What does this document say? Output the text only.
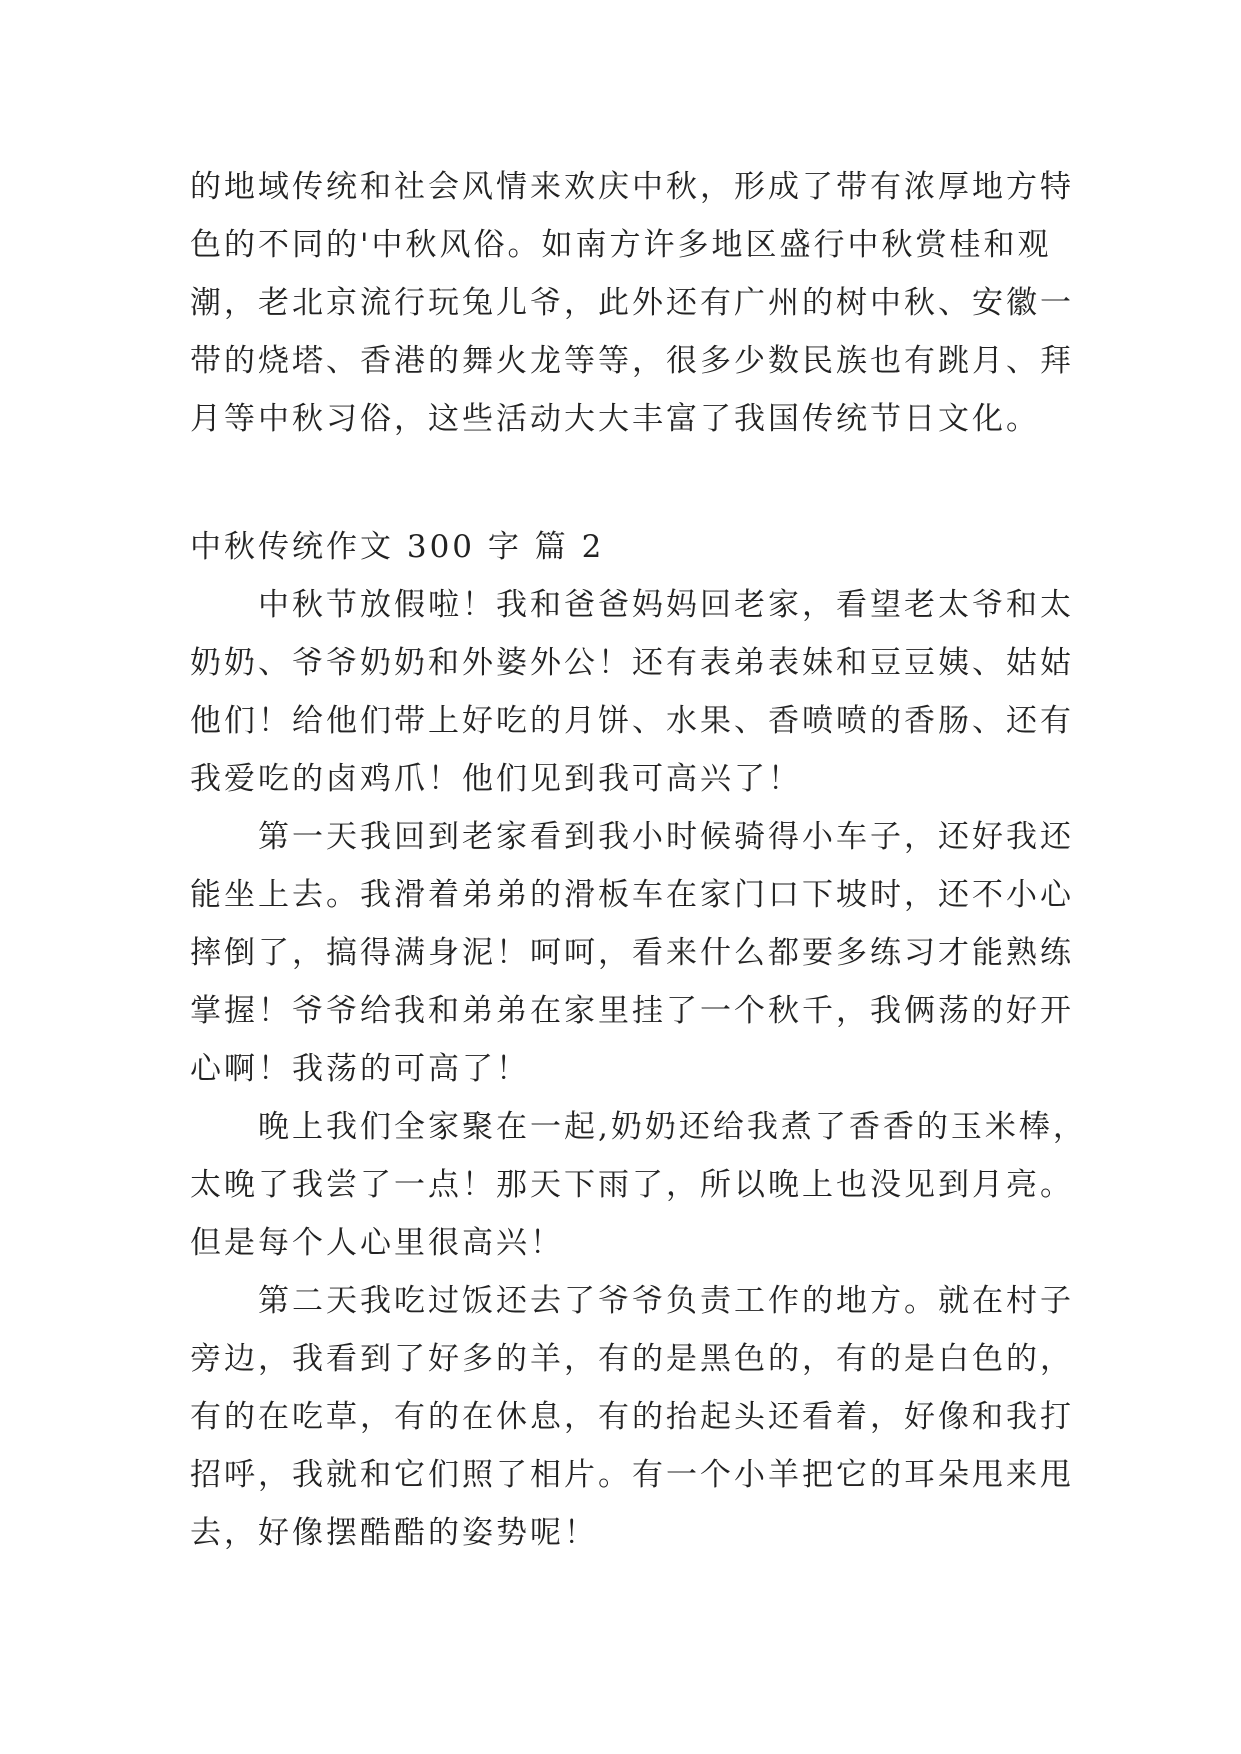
的地域传统和社会风情来欢庆中秋，形成了带有浓厚地方特
色的不同的'中秋风俗。如南方许多地区盛行中秋赏桂和观
潮，老北京流行玩兔儿爷，此外还有广州的树中秋、安徽一
带的烧塔、香港的舞火龙等等，很多少数民族也有跳月、拜
月等中秋习俗，这些活动大大丰富了我国传统节日文化。
中秋传统作文 300 字 篇 2
中秋节放假啦！我和爸爸妈妈回老家，看望老太爷和太
奶奶、爷爷奶奶和外婆外公！还有表弟表妹和豆豆姨、姑姑
他们！给他们带上好吃的月饼、水果、香喷喷的香肠、还有
我爱吃的卤鸡爪！他们见到我可高兴了！
第一天我回到老家看到我小时候骑得小车子，还好我还
能坐上去。我滑着弟弟的滑板车在家门口下坡时，还不小心
摔倒了，搞得满身泥！呵呵，看来什么都要多练习才能熟练
掌握！爷爷给我和弟弟在家里挂了一个秋千，我俩荡的好开
心啊！我荡的可高了！
晚上我们全家聚在一起,奶奶还给我煮了香香的玉米棒，
太晚了我尝了一点！那天下雨了，所以晚上也没见到月亮。
但是每个人心里很高兴！
第二天我吃过饭还去了爷爷负责工作的地方。就在村子
旁边，我看到了好多的羊，有的是黑色的，有的是白色的，
有的在吃草，有的在休息，有的抬起头还看着，好像和我打
招呼，我就和它们照了相片。有一个小羊把它的耳朵甩来甩
去，好像摆酷酷的姿势呢！
